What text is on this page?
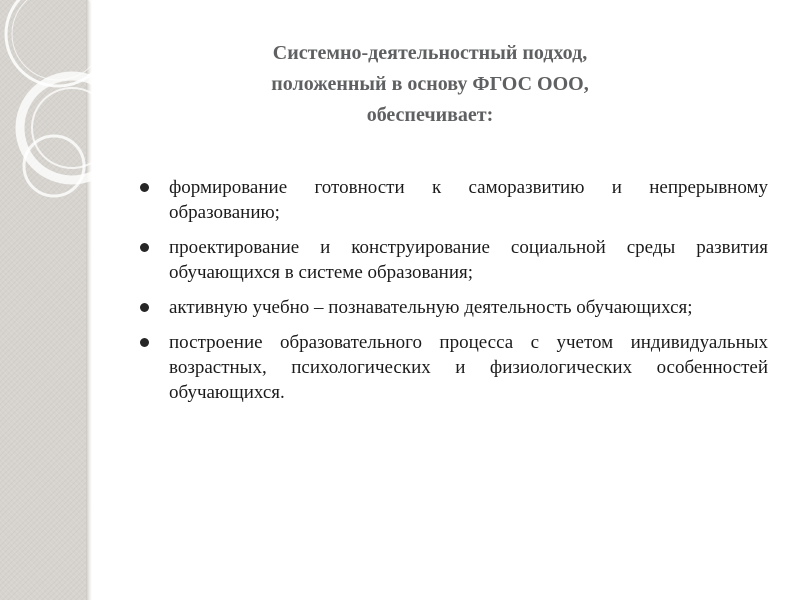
Системно-деятельностный подход,
положенный в основу ФГОС ООО,
обеспечивает:
формирование готовности к саморазвитию и непрерывному образованию;
проектирование и конструирование социальной среды развития обучающихся в системе образования;
активную учебно – познавательную деятельность обучающихся;
построение образовательного процесса с учетом индивидуальных возрастных, психологических и физиологических особенностей обучающихся.
